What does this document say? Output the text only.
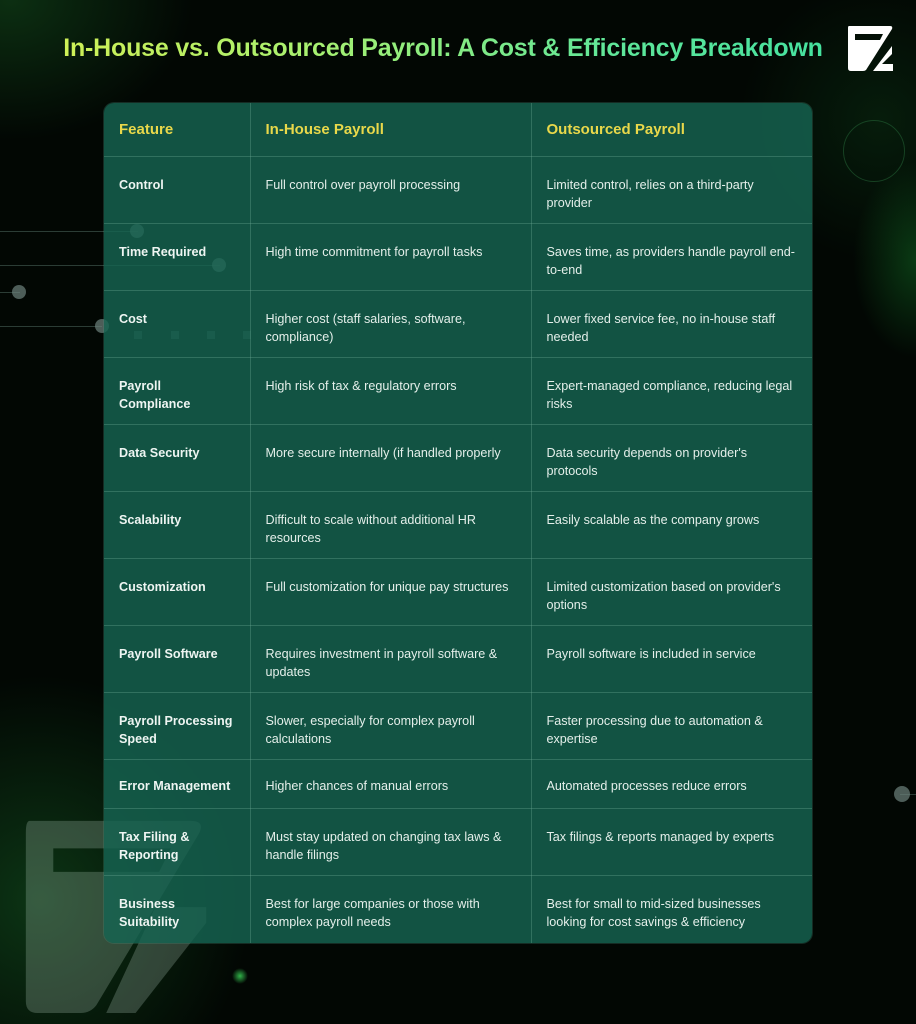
In-House vs. Outsourced Payroll: A Cost & Efficiency Breakdown
Feature	In-House Payroll	Outsourced Payroll
Control	Full control over payroll processing	Limited control, relies on a third-party provider
Time Required	High time commitment for payroll tasks	Saves time, as providers handle payroll end-to-end
Cost	Higher cost (staff salaries, software, compliance)	Lower fixed service fee, no in-house staff needed
Payroll Compliance	High risk of tax & regulatory errors	Expert-managed compliance, reducing legal risks
Data Security	More secure internally (if handled properly	Data security depends on provider's protocols
Scalability	Difficult to scale without additional HR resources	Easily scalable as the company grows
Customization	Full customization for unique pay structures	Limited customization based on provider's options
Payroll Software	Requires investment in payroll software & updates	Payroll software is included in service
Payroll Processing Speed	Slower, especially for complex payroll calculations	Faster processing due to automation & expertise
Error Management	Higher chances of manual errors	Automated processes reduce errors
Tax Filing & Reporting	Must stay updated on changing tax laws & handle filings	Tax filings & reports managed by experts
Business Suitability	Best for large companies or those with complex payroll needs	Best for small to mid-sized businesses looking for cost savings & efficiency
